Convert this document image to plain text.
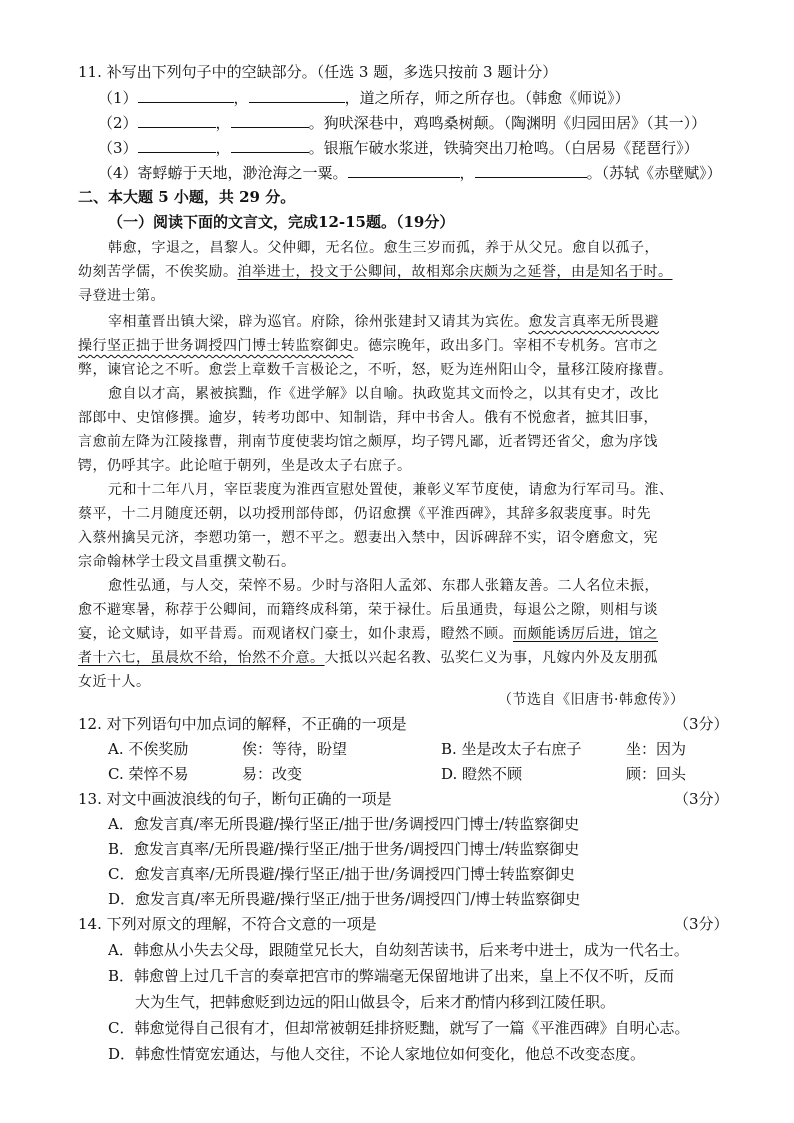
11. 补写出下列句子中的空缺部分。（任选 3 题，多选只按前 3 题计分）
（1）	，	，道之所存，师之所存也。（韩愈《师说》）
（2）	，	。狗吠深巷中，鸡鸣桑树颠。（陶渊明《归园田居》（其一））
（3）	，	。银瓶乍破水浆迸，铁骑突出刀枪鸣。（白居易《琵琶行》）
（4）寄蜉蝣于天地，渺沧海之一粟。	，	。（苏轼《赤壁赋》）
二、本大题 5 小题，共 29 分。
（一）阅读下面的文言文，完成12-15题。（19分）
韩愈，字退之，昌黎人。父仲卿，无名位。愈生三岁而孤，养于从父兄。愈自以孤子，
幼刻苦学儒，不俟奖励。洎举进士，投文于公卿间，故相郑余庆颇为之延誉，由是知名于时。
寻登进士第。
宰相董晋出镇大梁，辟为巡官。府除，徐州张建封又请其为宾佐。愈发言真率无所畏避
操行坚正拙于世务调授四门博士转监察御史。德宗晚年，政出多门。宰相不专机务。宫市之
弊，谏官论之不听。愈尝上章数千言极论之，不听，怒，贬为连州阳山令，量移江陵府掾曹。
愈自以才高，累被摈黜，作《进学解》以自喻。执政览其文而怜之，以其有史才，改比
部郎中、史馆修撰。逾岁，转考功郎中、知制诰，拜中书舍人。俄有不悦愈者，摭其旧事，
言愈前左降为江陵掾曹，荆南节度使裴均馆之颇厚，均子锷凡鄙，近者锷还省父，愈为序饯
锷，仍呼其字。此论喧于朝列，坐是改太子右庶子。
元和十二年八月，宰臣裴度为淮西宣慰处置使，兼彰义军节度使，请愈为行军司马。淮、
蔡平，十二月随度还朝，以功授刑部侍郎，仍诏愈撰《平淮西碑》，其辞多叙裴度事。时先
入蔡州擒吴元济，李愬功第一，愬不平之。愬妻出入禁中，因诉碑辞不实，诏令磨愈文，宪
宗命翰林学士段文昌重撰文勒石。
愈性弘通，与人交，荣悴不易。少时与洛阳人孟郊、东郡人张籍友善。二人名位未振，
愈不避寒暑，称荐于公卿间，而籍终成科第，荣于禄仕。后虽通贵，每退公之隙，则相与谈
宴，论文赋诗，如平昔焉。而观诸权门豪士，如仆隶焉，瞪然不顾。而颇能诱厉后进，馆之
者十六七，虽晨炊不给，怡然不介意。大抵以兴起名教、弘奖仁义为事，凡嫁内外及友朋孤
女近十人。
（节选自《旧唐书·韩愈传》）
12. 对下列语句中加点词的解释，不正确的一项是	（3分）
A. 不俟奖励	俟：等待，盼望	B. 坐是改太子右庶子	坐：因为
C. 荣悴不易	易：改变	D. 瞪然不顾	顾：回头
13. 对文中画波浪线的句子，断句正确的一项是	（3分）
A．愈发言真/率无所畏避/操行坚正/拙于世/务调授四门博士/转监察御史
B．愈发言真率/无所畏避/操行坚正/拙于世务/调授四门博士/转监察御史
C．愈发言真率/无所畏避/操行坚正/拙于世/务调授四门博士转监察御史
D．愈发言真/率无所畏避/操行坚正/拙于世务/调授四门/博士转监察御史
14. 下列对原文的理解，不符合文意的一项是	（3分）
A．韩愈从小失去父母，跟随堂兄长大，自幼刻苦读书，后来考中进士，成为一代名士。
B．韩愈曾上过几千言的奏章把宫市的弊端毫无保留地讲了出来，皇上不仅不听，反而
大为生气，把韩愈贬到边远的阳山做县令，后来才酌情内移到江陵任职。
C．韩愈觉得自己很有才，但却常被朝廷排挤贬黜，就写了一篇《平淮西碑》自明心志。
D．韩愈性情宽宏通达，与他人交往，不论人家地位如何变化，他总不改变态度。
